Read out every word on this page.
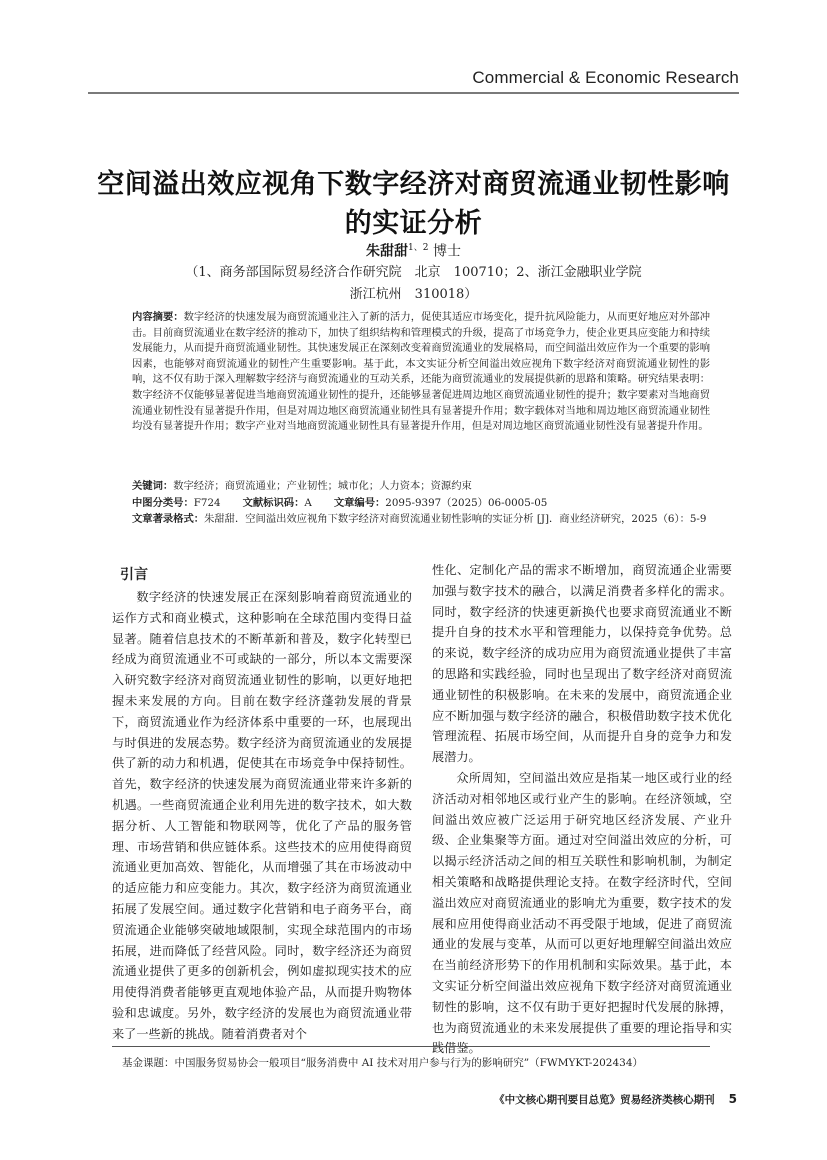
Commercial & Economic Research
空间溢出效应视角下数字经济对商贸流通业韧性影响的实证分析
朱甜甜$^{1、2}$ 博士
（1、商务部国际贸易经济合作研究院　北京　100710；2、浙江金融职业学院
浙江杭州　310018）
内容摘要：数字经济的快速发展为商贸流通业注入了新的活力，促使其适应市场变化，提升抗风险能力，从而更好地应对外部冲击。目前商贸流通业在数字经济的推动下，加快了组织结构和管理模式的升级，提高了市场竞争力，使企业更具应变能力和持续发展能力，从而提升商贸流通业韧性。其快速发展正在深刻改变着商贸流通业的发展格局，而空间溢出效应作为一个重要的影响因素，也能够对商贸流通业的韧性产生重要影响。基于此，本文实证分析空间溢出效应视角下数字经济对商贸流通业韧性的影响，这不仅有助于深入理解数字经济与商贸流通业的互动关系，还能为商贸流通业的发展提供新的思路和策略。研究结果表明：数字经济不仅能够显著促进当地商贸流通业韧性的提升，还能够显著促进周边地区商贸流通业韧性的提升；数字要素对当地商贸流通业韧性没有显著提升作用，但是对周边地区商贸流通业韧性具有显著提升作用；数字载体对当地和周边地区商贸流通业韧性均没有显著提升作用；数字产业对当地商贸流通业韧性具有显著提升作用，但是对周边地区商贸流通业韧性没有显著提升作用。
关键词：数字经济；商贸流通业；产业韧性；城市化；人力资本；资源约束
中图分类号：F724 文献标识码：A 文章编号：2095-9397（2025）06-0005-05
文章著录格式：朱甜甜．空间溢出效应视角下数字经济对商贸流通业韧性影响的实证分析 [J]．商业经济研究，2025（6）：5-9
引言

数字经济的快速发展正在深刻影响着商贸流通业的运作方式和商业模式，这种影响在全球范围内变得日益显著。随着信息技术的不断革新和普及，数字化转型已经成为商贸流通业不可或缺的一部分，所以本文需要深入研究数字经济对商贸流通业韧性的影响，以更好地把握未来发展的方向。目前在数字经济蓬勃发展的背景下，商贸流通业作为经济体系中重要的一环，也展现出与时俱进的发展态势。数字经济为商贸流通业的发展提供了新的动力和机遇，促使其在市场竞争中保持韧性。首先，数字经济的快速发展为商贸流通业带来许多新的机遇。一些商贸流通企业利用先进的数字技术，如大数据分析、人工智能和物联网等，优化了产品的服务管理、市场营销和供应链体系。这些技术的应用使得商贸流通业更加高效、智能化，从而增强了其在市场波动中的适应能力和应变能力。其次，数字经济为商贸流通业拓展了发展空间。通过数字化营销和电子商务平台，商贸流通企业能够突破地域限制，实现全球范围内的市场拓展，进而降低了经营风险。同时，数字经济还为商贸流通业提供了更多的创新机会，例如虚拟现实技术的应用使得消费者能够更直观地体验产品，从而提升购物体验和忠诚度。另外，数字经济的发展也为商贸流通业带来了一些新的挑战。随着消费者对个

性化、定制化产品的需求不断增加，商贸流通企业需要加强与数字技术的融合，以满足消费者多样化的需求。同时，数字经济的快速更新换代也要求商贸流通业不断提升自身的技术水平和管理能力，以保持竞争优势。总的来说，数字经济的成功应用为商贸流通业提供了丰富的思路和实践经验，同时也呈现出了数字经济对商贸流通业韧性的积极影响。在未来的发展中，商贸流通企业应不断加强与数字经济的融合，积极借助数字技术优化管理流程、拓展市场空间，从而提升自身的竞争力和发展潜力。

众所周知，空间溢出效应是指某一地区或行业的经济活动对相邻地区或行业产生的影响。在经济领域，空间溢出效应被广泛运用于研究地区经济发展、产业升级、企业集聚等方面。通过对空间溢出效应的分析，可以揭示经济活动之间的相互关联性和影响机制，为制定相关策略和战略提供理论支持。在数字经济时代，空间溢出效应对商贸流通业的影响尤为重要，数字技术的发展和应用使得商业活动不再受限于地域，促进了商贸流通业的发展与变革，从而可以更好地理解空间溢出效应在当前经济形势下的作用机制和实际效果。基于此，本文实证分析空间溢出效应视角下数字经济对商贸流通业韧性的影响，这不仅有助于更好把握时代发展的脉搏，也为商贸流通业的未来发展提供了重要的理论指导和实践借鉴。

基金课题：中国服务贸易协会一般项目“服务消费中 AI 技术对用户参与行为的影响研究”（FWMYKT-202434）
《中文核心期刊要目总览》贸易经济类核心期刊 5
